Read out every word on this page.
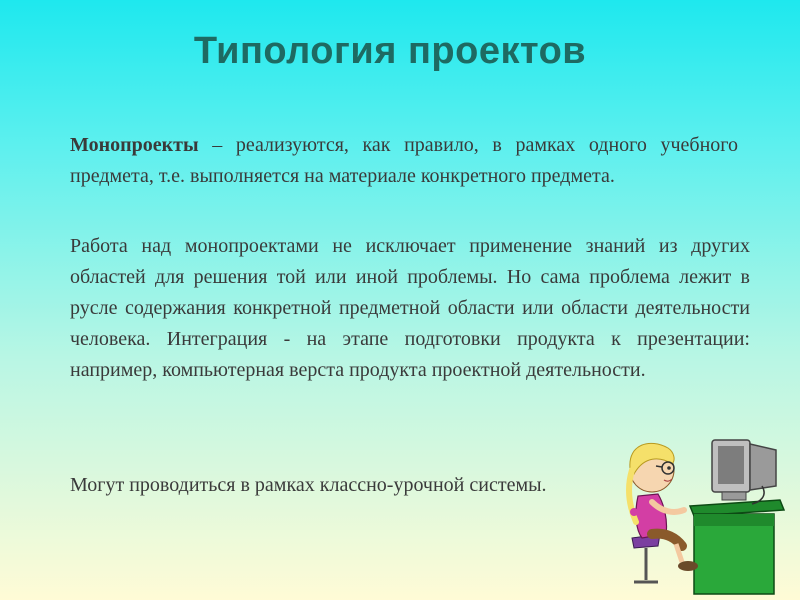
Типология проектов

Монопроекты – реализуются, как правило, в рамках одного учебного предмета, т.е. выполняется на материале конкретного предмета.

Работа над монопроектами не исключает применение знаний из других областей для решения той или иной проблемы. Но сама проблема лежит в русле содержания конкретной предметной области или области деятельности человека. Интеграция - на этапе подготовки продукта к презентации: например, компьютерная верста продукта проектной деятельности.

Могут проводиться в рамках классно-урочной системы.
